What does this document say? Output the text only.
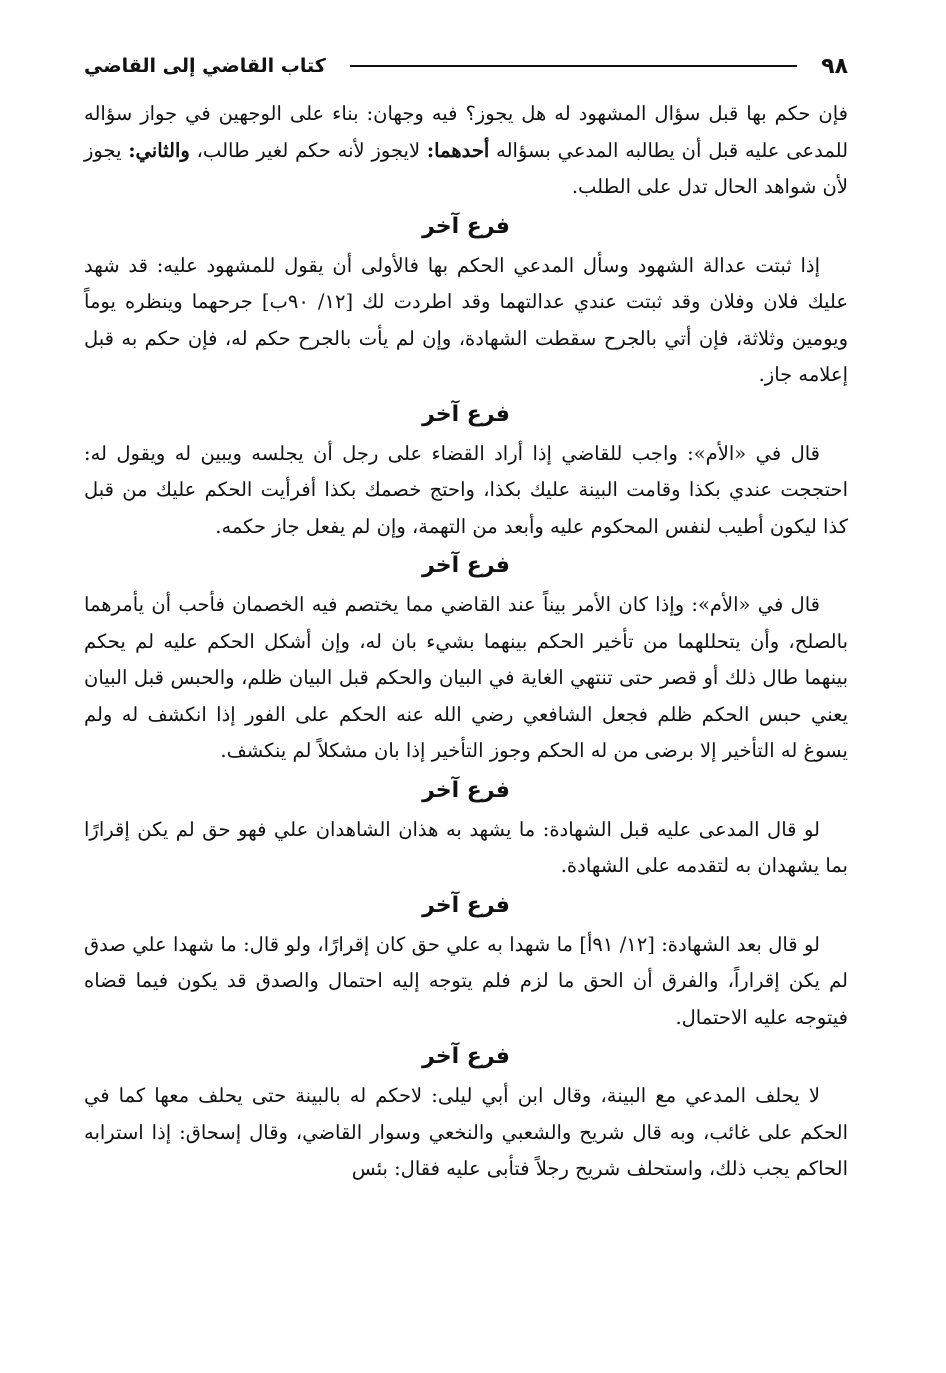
٩٨
كتاب القاضي إلى القاضي

فإن حكم بها قبل سؤال المشهود له هل يجوز؟ فيه وجهان: بناء على الوجهين في جواز سؤاله للمدعى عليه قبل أن يطالبه المدعي بسؤاله أحدهما: لايجوز لأنه حكم لغير طالب، والثاني: يجوز لأن شواهد الحال تدل على الطلب.

فرع آخر

إذا ثبتت عدالة الشهود وسأل المدعي الحكم بها فالأولى أن يقول للمشهود عليه: قد شهد عليك فلان وفلان وقد ثبتت عندي عدالتهما وقد اطردت لك [١٢/ ٩٠ب] جرحهما وينظره يوماً ويومين وثلاثة، فإن أتي بالجرح سقطت الشهادة، وإن لم يأت بالجرح حكم له، فإن حكم به قبل إعلامه جاز.

فرع آخر

قال في «الأم»: واجب للقاضي إذا أراد القضاء على رجل أن يجلسه ويبين له ويقول له: احتججت عندي بكذا وقامت البينة عليك بكذا، واحتج خصمك بكذا أفرأيت الحكم عليك من قبل كذا ليكون أطيب لنفس المحكوم عليه وأبعد من التهمة، وإن لم يفعل جاز حكمه.

فرع آخر

قال في «الأم»: وإذا كان الأمر بيناً عند القاضي مما يختصم فيه الخصمان فأحب أن يأمرهما بالصلح، وأن يتحللهما من تأخير الحكم بينهما بشيء بان له، وإن أشكل الحكم عليه لم يحكم بينهما طال ذلك أو قصر حتى تنتهي الغاية في البيان والحكم قبل البيان ظلم، والحبس قبل البيان يعني حبس الحكم ظلم فجعل الشافعي رضي الله عنه الحكم على الفور إذا انكشف له ولم يسوغ له التأخير إلا برضى من له الحكم وجوز التأخير إذا بان مشكلاً لم ينكشف.

فرع آخر

لو قال المدعى عليه قبل الشهادة: ما يشهد به هذان الشاهدان علي فهو حق لم يكن إقرارًا بما يشهدان به لتقدمه على الشهادة.

فرع آخر

لو قال بعد الشهادة: [١٢/ ٩١أ] ما شهدا به علي حق كان إقرارًا، ولو قال: ما شهدا علي صدق لم يكن إقراراً، والفرق أن الحق ما لزم فلم يتوجه إليه احتمال والصدق قد يكون فيما قضاه فيتوجه عليه الاحتمال.

فرع آخر

لا يحلف المدعي مع البينة، وقال ابن أبي ليلى: لاحكم له بالبينة حتى يحلف معها كما في الحكم على غائب، وبه قال شريح والشعبي والنخعي وسوار القاضي، وقال إسحاق: إذا استرابه الحاكم يجب ذلك، واستحلف شريح رجلاً فتأبى عليه فقال: بئس
